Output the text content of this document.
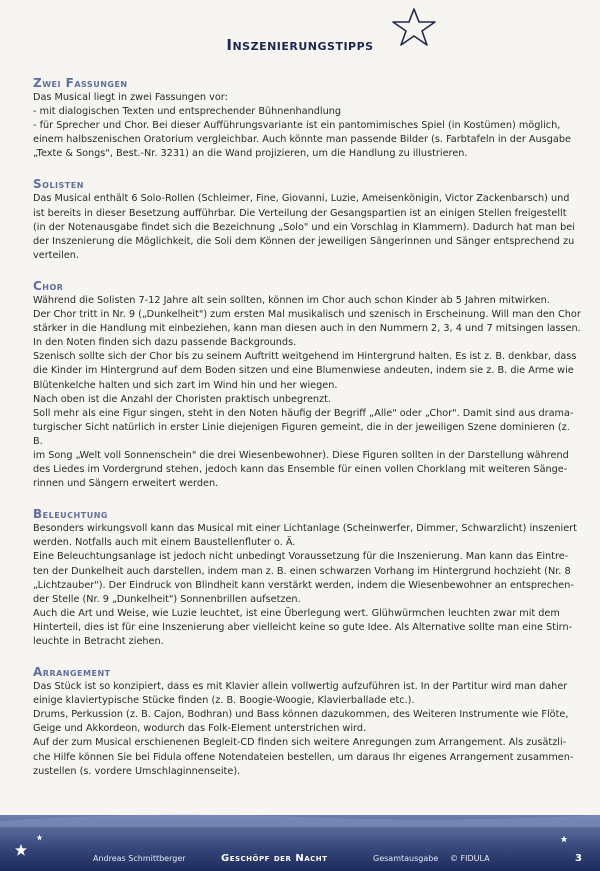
Inszenierungstipps
Zwei Fassungen
Das Musical liegt in zwei Fassungen vor:
- mit dialogischen Texten und entsprechender Bühnenhandlung
- für Sprecher und Chor. Bei dieser Aufführungsvariante ist ein pantomimisches Spiel (in Kostümen) möglich,
einem halbszenischen Oratorium vergleichbar. Auch könnte man passende Bilder (s. Farbtafeln in der Ausgabe
„Texte & Songs", Best.-Nr. 3231) an die Wand projizieren, um die Handlung zu illustrieren.
Solisten
Das Musical enthält 6 Solo-Rollen (Schleimer, Fine, Giovanni, Luzie, Ameisenkönigin, Victor Zackenbarsch) und
ist bereits in dieser Besetzung aufführbar. Die Verteilung der Gesangspartien ist an einigen Stellen freigestellt
(in der Notenausgabe findet sich die Bezeichnung „Solo" und ein Vorschlag in Klammern). Dadurch hat man bei
der Inszenierung die Möglichkeit, die Soli dem Können der jeweiligen Sängerinnen und Sänger entsprechend zu
verteilen.
Chor
Während die Solisten 7-12 Jahre alt sein sollten, können im Chor auch schon Kinder ab 5 Jahren mitwirken.
Der Chor tritt in Nr. 9 („Dunkelheit") zum ersten Mal musikalisch und szenisch in Erscheinung. Will man den Chor
stärker in die Handlung mit einbeziehen, kann man diesen auch in den Nummern 2, 3, 4 und 7 mitsingen lassen.
In den Noten finden sich dazu passende Backgrounds.
Szenisch sollte sich der Chor bis zu seinem Auftritt weitgehend im Hintergrund halten. Es ist z. B. denkbar, dass
die Kinder im Hintergrund auf dem Boden sitzen und eine Blumenwiese andeuten, indem sie z. B. die Arme wie
Blütenkelche halten und sich zart im Wind hin und her wiegen.
Nach oben ist die Anzahl der Choristen praktisch unbegrenzt.
Soll mehr als eine Figur singen, steht in den Noten häufig der Begriff „Alle" oder „Chor". Damit sind aus drama-
turgischer Sicht natürlich in erster Linie diejenigen Figuren gemeint, die in der jeweiligen Szene dominieren (z. B.
im Song „Welt voll Sonnenschein" die drei Wiesenbewohner). Diese Figuren sollten in der Darstellung während
des Liedes im Vordergrund stehen, jedoch kann das Ensemble für einen vollen Chorklang mit weiteren Sänge-
rinnen und Sängern erweitert werden.
Beleuchtung
Besonders wirkungsvoll kann das Musical mit einer Lichtanlage (Scheinwerfer, Dimmer, Schwarzlicht) inszeniert
werden. Notfalls auch mit einem Baustellenfluter o. Ä.
Eine Beleuchtungsanlage ist jedoch nicht unbedingt Voraussetzung für die Inszenierung. Man kann das Eintre-
ten der Dunkelheit auch darstellen, indem man z. B. einen schwarzen Vorhang im Hintergrund hochzieht (Nr. 8
„Lichtzauber"). Der Eindruck von Blindheit kann verstärkt werden, indem die Wiesenbewohner an entsprechen-
der Stelle (Nr. 9 „Dunkelheit") Sonnenbrillen aufsetzen.
Auch die Art und Weise, wie Luzie leuchtet, ist eine Überlegung wert. Glühwürmchen leuchten zwar mit dem
Hinterteil, dies ist für eine Inszenierung aber vielleicht keine so gute Idee. Als Alternative sollte man eine Stirn-
leuchte in Betracht ziehen.
Arrangement
Das Stück ist so konzipiert, dass es mit Klavier allein vollwertig aufzuführen ist. In der Partitur wird man daher
einige klaviertypische Stücke finden (z. B. Boogie-Woogie, Klavierballade etc.).
Drums, Perkussion (z. B. Cajon, Bodhran) und Bass können dazukommen, des Weiteren Instrumente wie Flöte,
Geige und Akkordeon, wodurch das Folk-Element unterstrichen wird.
Auf der zum Musical erschienenen Begleit-CD finden sich weitere Anregungen zum Arrangement. Als zusätzli-
che Hilfe können Sie bei Fidula offene Notendateien bestellen, um daraus Ihr eigenes Arrangement zusammen-
zustellen (s. vordere Umschlaginnenseite).
Andreas Schmittberger	Geschöpf der Nacht	Gesamtausgabe © FIDULA	3
